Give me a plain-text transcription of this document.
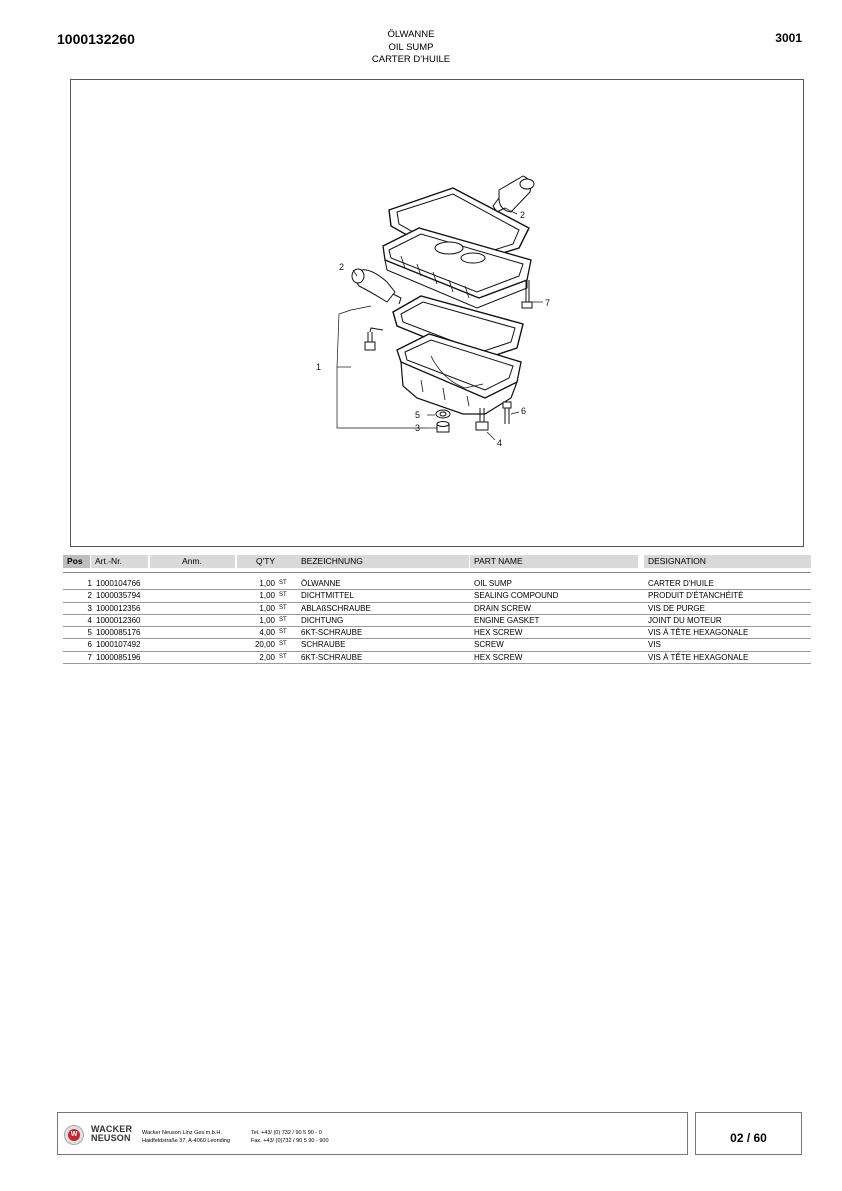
1000132260	ÖLWANNE
OIL SUMP
CARTER D'HUILE
3001
2
2
7
1
5	6
3
4
Pos	Art.-Nr.	Anm.	Q'TY	BEZEICHNUNG	PART NAME	DESIGNATION
1 1000104766	1,00 ST ÖLWANNE	OIL SUMP	CARTER D'HUILE
2 1000035794	1,00 ST DICHTMITTEL	SEALING COMPOUND	PRODUIT D'ÉTANCHÉITÉ
3 1000012356	1,00 ST ABLAßSCHRAUBE	DRAIN SCREW	VIS DE PURGE
4 1000012360	1,00 ST DICHTUNG	ENGINE GASKET	JOINT DU MOTEUR
5 1000085176	4,00 ST 6KT-SCHRAUBE	HEX SCREW	VIS À TÊTE HEXAGONALE
6 1000107492	20,00 ST SCHRAUBE	SCREW	VIS
7 1000085196	2,00 ST 6KT-SCHRAUBE	HEX SCREW	VIS À TÊTE HEXAGONALE
W
WACKER
NEUSON Wacker Neuson Linz Ges.m.b.H.
Haidfeldstraße 37, A-4060 Leonding
Tel. +43/ (0) 732 / 90 5 90 - 0
Fax. +43/ (0)732 / 90 5 90 - 900	02 / 60
